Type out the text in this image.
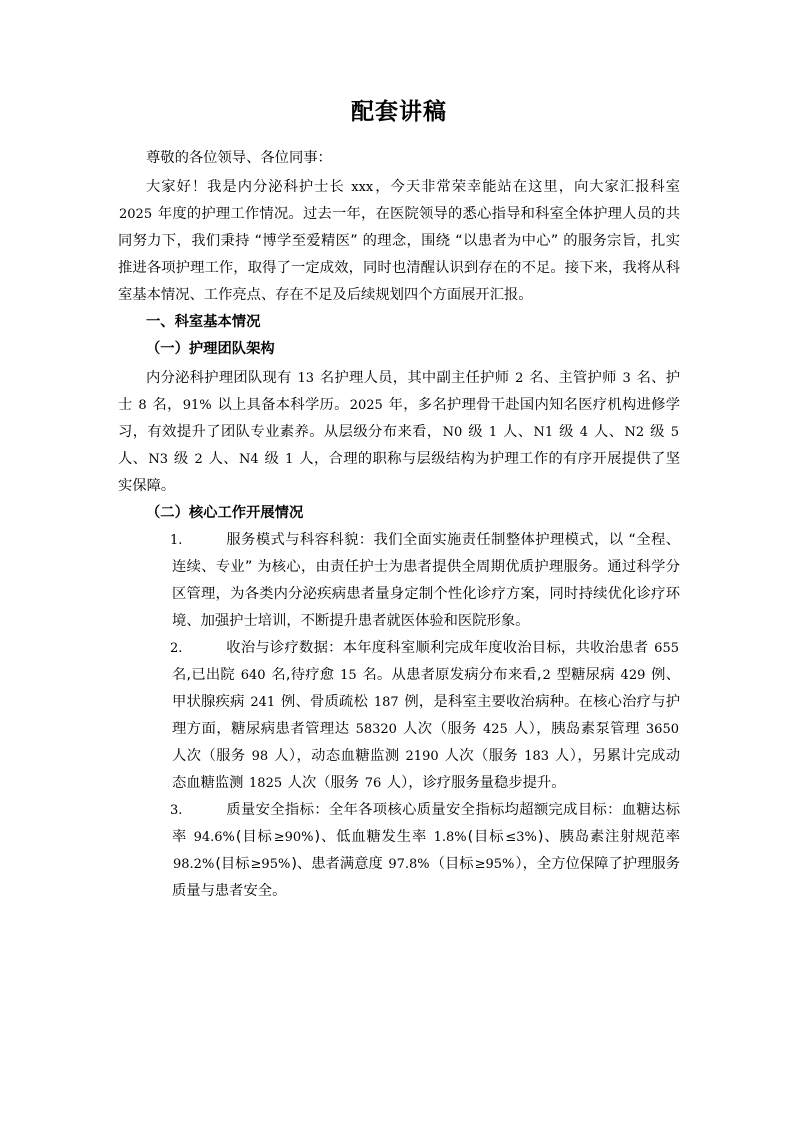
配套讲稿

尊敬的各位领导、各位同事：

大家好！我是内分泌科护士长 xxx，今天非常荣幸能站在这里，向大家汇报科室 2025 年度的护理工作情况。过去一年，在医院领导的悉心指导和科室全体护理人员的共同努力下，我们秉持 “博学至爱精医” 的理念，围绕 “以患者为中心” 的服务宗旨，扎实推进各项护理工作，取得了一定成效，同时也清醒认识到存在的不足。接下来，我将从科室基本情况、工作亮点、存在不足及后续规划四个方面展开汇报。

一、科室基本情况
（一）护理团队架构

内分泌科护理团队现有 13 名护理人员，其中副主任护师 2 名、主管护师 3 名、护士 8 名，91% 以上具备本科学历。2025 年，多名护理骨干赴国内知名医疗机构进修学习，有效提升了团队专业素养。从层级分布来看，N0 级 1 人、N1 级 4 人、N2 级 5 人、N3 级 2 人、N4 级 1 人，合理的职称与层级结构为护理工作的有序开展提供了坚实保障。

（二）核心工作开展情况
1.	服务模式与科容科貌：我们全面实施责任制整体护理模式，以 “全程、连续、专业” 为核心，由责任护士为患者提供全周期优质护理服务。通过科学分区管理，为各类内分泌疾病患者量身定制个性化诊疗方案，同时持续优化诊疗环境、加强护士培训，不断提升患者就医体验和医院形象。
2.	收治与诊疗数据：本年度科室顺利完成年度收治目标，共收治患者 655 名,已出院 640 名,待疗愈 15 名。从患者原发病分布来看,2 型糖尿病 429 例、甲状腺疾病 241 例、骨质疏松 187 例，是科室主要收治病种。在核心治疗与护理方面，糖尿病患者管理达 58320 人次（服务 425 人），胰岛素泵管理 3650 人次（服务 98 人），动态血糖监测 2190 人次（服务 183 人），另累计完成动态血糖监测 1825 人次（服务 76 人），诊疗服务量稳步提升。
3.	质量安全指标：全年各项核心质量安全指标均超额完成目标：血糖达标率 94.6%(目标≥90%)、低血糖发生率 1.8%(目标≤3%)、胰岛素注射规范率 98.2%(目标≥95%)、患者满意度 97.8%（目标≥95%），全方位保障了护理服务质量与患者安全。
